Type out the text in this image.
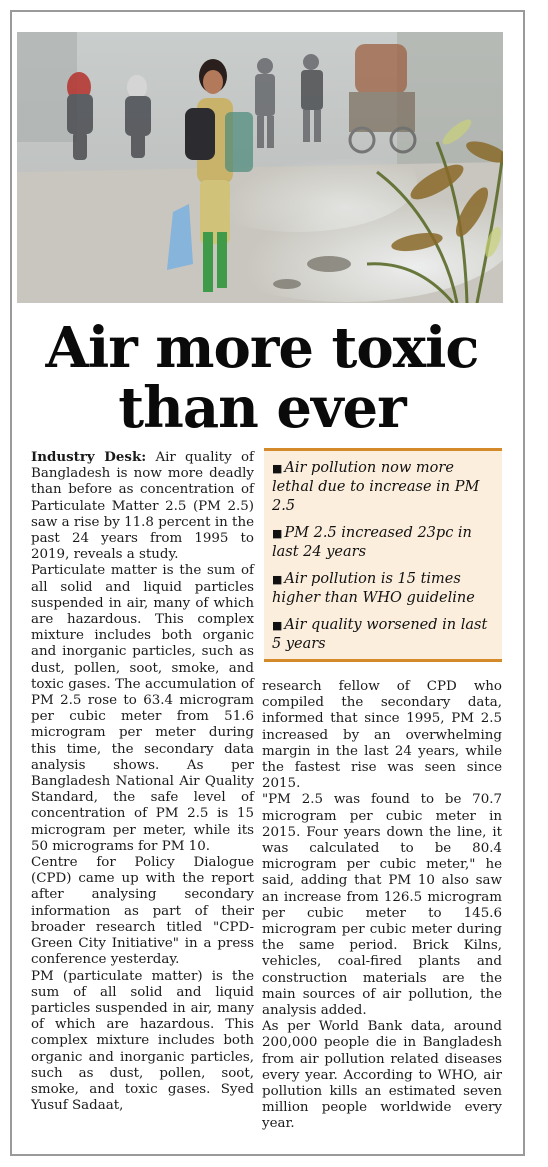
Air more toxic
than ever

Industry Desk: Air quality of Bangladesh is now more deadly than before as concentration of Particulate Matter 2.5 (PM 2.5) saw a rise by 11.8 percent in the past 24 years from 1995 to 2019, reveals a study.

Particulate matter is the sum of all solid and liquid particles suspended in air, many of which are hazardous. This complex mixture includes both organic and inorganic particles, such as dust, pollen, soot, smoke, and toxic gases. The accumulation of PM 2.5 rose to 63.4 microgram per cubic meter from 51.6 microgram per meter during this time, the secondary data analysis shows. As per Bangladesh National Air Quality Standard, the safe level of concentration of PM 2.5 is 15 microgram per meter, while its 50 micrograms for PM 10.

Centre for Policy Dialogue (CPD) came up with the report after analysing secondary information as part of their broader research titled "CPD-Green City Initiative" in a press conference yesterday.

PM (particulate matter) is the sum of all solid and liquid particles suspended in air, many of which are hazardous. This complex mixture includes both organic and inorganic particles, such as dust, pollen, soot, smoke, and toxic gases. Syed Yusuf Sadaat,

■ Air pollution now more lethal due to increase in PM 2.5
■ PM 2.5 increased 23pc in last 24 years
■ Air pollution is 15 times higher than WHO guideline
■ Air quality worsened in last 5 years

research fellow of CPD who compiled the secondary data, informed that since 1995, PM 2.5 increased by an overwhelming margin in the last 24 years, while the fastest rise was seen since 2015.

"PM 2.5 was found to be 70.7 microgram per cubic meter in 2015. Four years down the line, it was calculated to be 80.4 microgram per cubic meter," he said, adding that PM 10 also saw an increase from 126.5 microgram per cubic meter to 145.6 microgram per cubic meter during the same period. Brick Kilns, vehicles, coal-fired plants and construction materials are the main sources of air pollution, the analysis added.

As per World Bank data, around 200,000 people die in Bangladesh from air pollution related diseases every year. According to WHO, air pollution kills an estimated seven million people worldwide every year.
